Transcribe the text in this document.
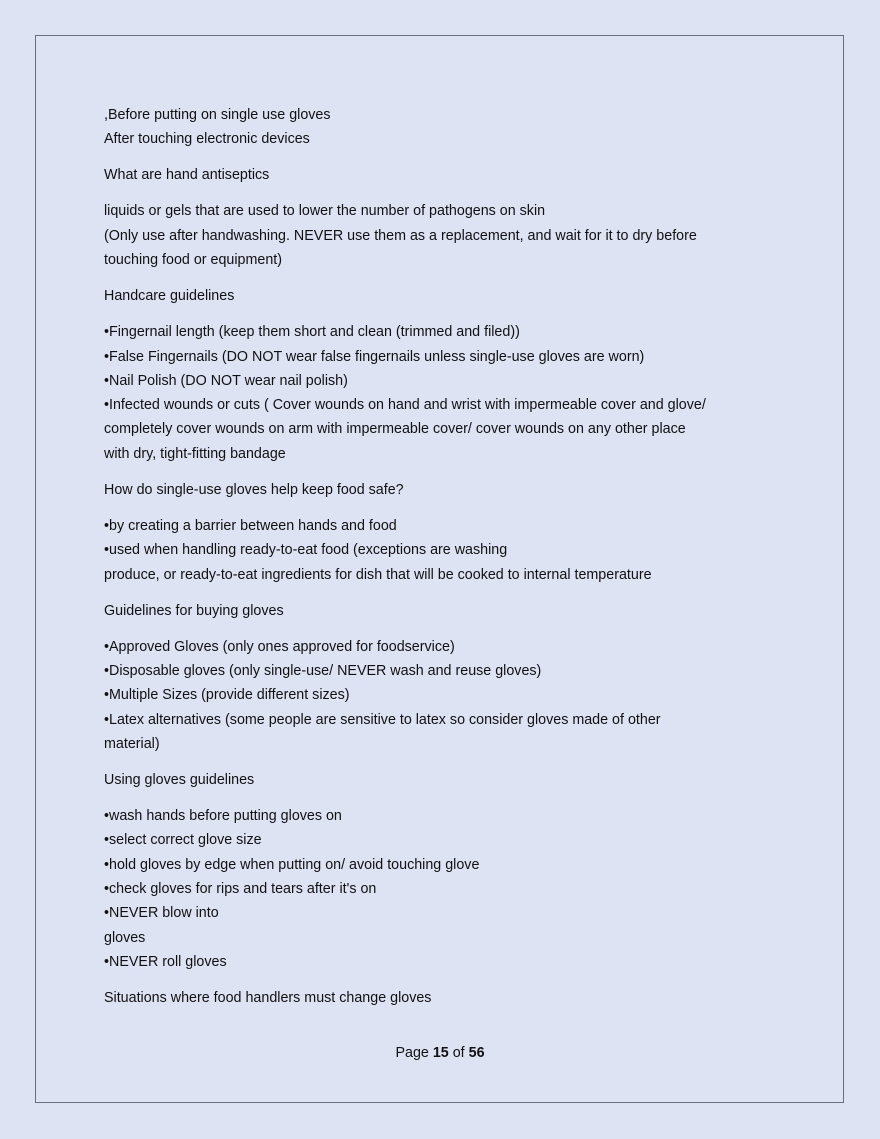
,Before putting on single use gloves
After touching electronic devices
What are hand antiseptics
liquids or gels that are used to lower the number of pathogens on skin
(Only use after handwashing. NEVER use them as a replacement, and wait for it to dry before
touching food or equipment)
Handcare guidelines
•Fingernail length (keep them short and clean (trimmed and filed))
•False Fingernails (DO NOT wear false fingernails unless single-use gloves are worn)
•Nail Polish (DO NOT wear nail polish)
•Infected wounds or cuts ( Cover wounds on hand and wrist with impermeable cover and glove/
completely cover wounds on arm with impermeable cover/ cover wounds on any other place
with dry, tight-fitting bandage
How do single-use gloves help keep food safe?
•by creating a barrier between hands and food
•used when handling ready-to-eat food (exceptions are washing
produce, or ready-to-eat ingredients for dish that will be cooked to internal temperature
Guidelines for buying gloves
•Approved Gloves (only ones approved for foodservice)
•Disposable gloves (only single-use/ NEVER wash and reuse gloves)
•Multiple Sizes (provide different sizes)
•Latex alternatives (some people are sensitive to latex so consider gloves made of other
material)
Using gloves guidelines
•wash hands before putting gloves on
•select correct glove size
•hold gloves by edge when putting on/ avoid touching glove
•check gloves for rips and tears after it's on
•NEVER blow into
gloves
•NEVER roll gloves
Situations where food handlers must change gloves
Page 15 of 56
